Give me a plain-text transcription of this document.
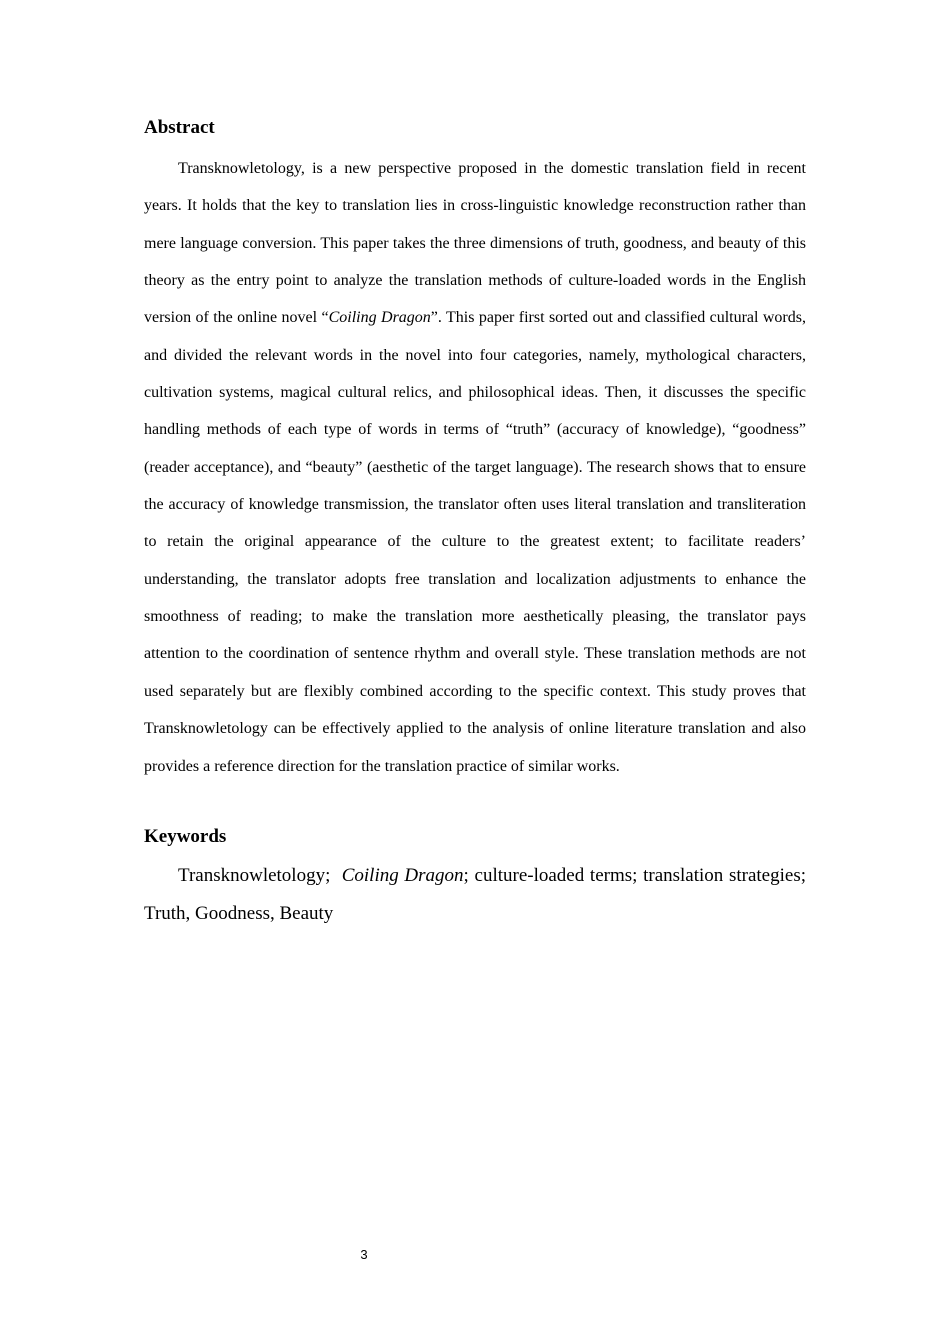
Abstract

Transknowletology, is a new perspective proposed in the domestic translation field in recent years. It holds that the key to translation lies in cross-linguistic knowledge reconstruction rather than mere language conversion. This paper takes the three dimensions of truth, goodness, and beauty of this theory as the entry point to analyze the translation methods of culture-loaded words in the English version of the online novel “Coiling Dragon”. This paper first sorted out and classified cultural words, and divided the relevant words in the novel into four categories, namely, mythological characters, cultivation systems, magical cultural relics, and philosophical ideas. Then, it discusses the specific handling methods of each type of words in terms of “truth” (accuracy of knowledge), “goodness” (reader acceptance), and “beauty” (aesthetic of the target language). The research shows that to ensure the accuracy of knowledge transmission, the translator often uses literal translation and transliteration to retain the original appearance of the culture to the greatest extent; to facilitate readers’ understanding, the translator adopts free translation and localization adjustments to enhance the smoothness of reading; to make the translation more aesthetically pleasing, the translator pays attention to the coordination of sentence rhythm and overall style. These translation methods are not used separately but are flexibly combined according to the specific context. This study proves that Transknowletology can be effectively applied to the analysis of online literature translation and also provides a reference direction for the translation practice of similar works.

Keywords

Transknowletology;  Coiling Dragon; culture-loaded terms; translation strategies; Truth, Goodness, Beauty

3
